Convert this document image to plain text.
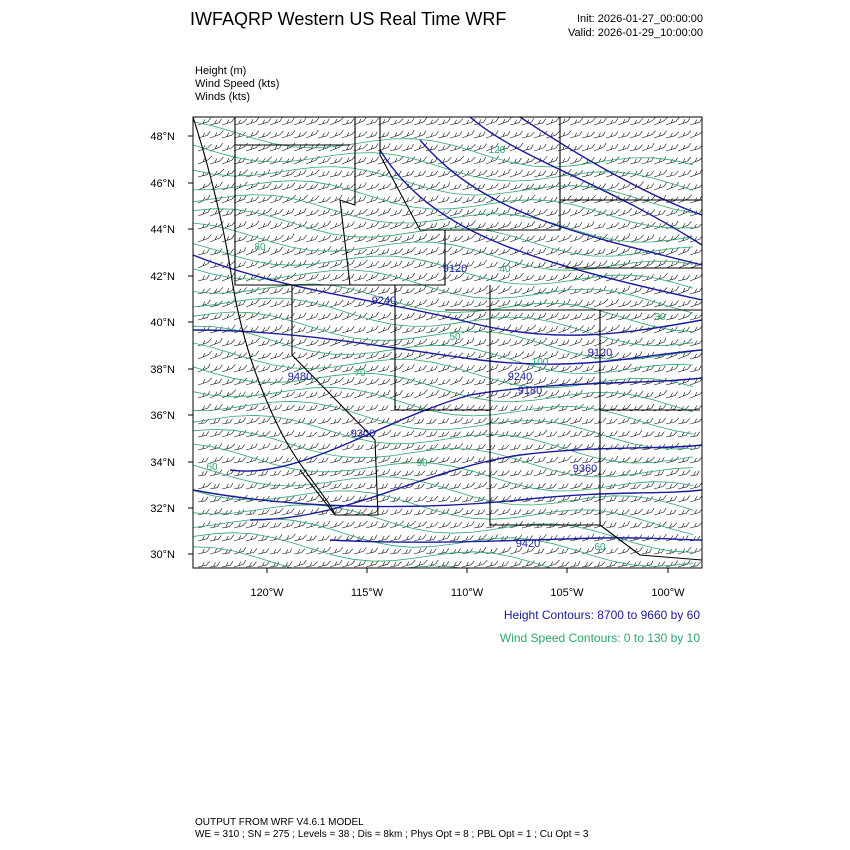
IWFAQRP Western US Real Time WRF	Init: 2026-01-27_00:00:00
Valid: 2026-01-29_10:00:00
Height (m)
Wind Speed (kts)
Winds (kts)
30°N
32°N
34°N
36°N
38°N
40°N
42°N
44°N
46°N
48°N
120°W	115°W	110°W	105°W	100°W
9120
9240
9120
9180
9300
9360
9420
9480	9240
120
60	90
70
50
40
100
60
80
30
Height Contours: 8700 to 9660 by 60
Wind Speed Contours: 0 to 130 by 10
OUTPUT FROM WRF V4.6.1 MODEL
WE = 310 ; SN = 275 ; Levels = 38 ; Dis = 8km ; Phys Opt = 8 ; PBL Opt = 1 ; Cu Opt = 3
